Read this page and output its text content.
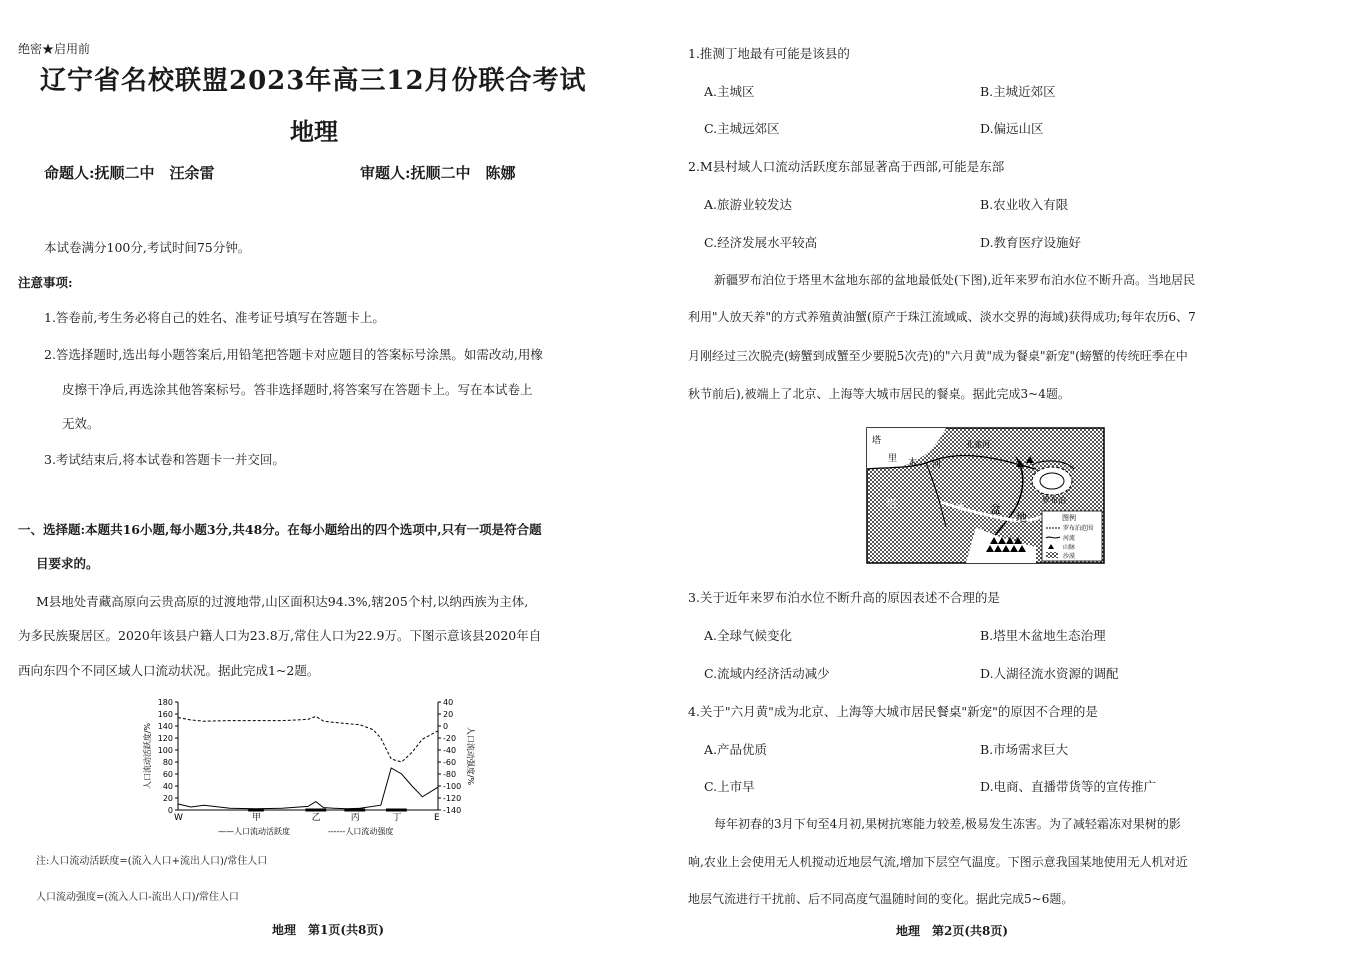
绝密★启用前
辽宁省名校联盟2023年高三12月份联合考试
地理
命题人:抚顺二中　汪余雷	审题人:抚顺二中　陈娜
本试卷满分100分,考试时间75分钟。
注意事项:
1.答卷前,考生务必将自己的姓名、准考证号填写在答题卡上。
2.答选择题时,选出每小题答案后,用铅笔把答题卡对应题目的答案标号涂黑。如需改动,用橡
皮擦干净后,再选涂其他答案标号。答非选择题时,将答案写在答题卡上。写在本试卷上
无效。
3.考试结束后,将本试卷和答题卡一并交回。
一、选择题:本题共16小题,每小题3分,共48分。在每小题给出的四个选项中,只有一项是符合题
目要求的。
M县地处青藏高原向云贵高原的过渡地带,山区面积达94.3%,辖205个村,以纳西族为主体,
为多民族聚居区。2020年该县户籍人口为23.8万,常住人口为22.9万。下图示意该县2020年自
西向东四个不同区域人口流动状况。据此完成1~2题。
180
160
140
120
100
80
60
40
20
0
40
20
0
-20
-40
-60
-80
-100
-120
-140
人口流动活跃度/%	人口流动强度/%
W	甲	乙	丙	丁	E
——人口流动活跃度	------人口流动强度
注:人口流动活跃度=(流入人口+流出人口)/常住人口
人口流动强度=(流入人口-流出人口)/常住人口
地理　第1页(共8页)
1.推测丁地最有可能是该县的
A.主城区	B.主城近郊区
C.主城远郊区	D.偏远山区
2.M县村域人口流动活跃度东部显著高于西部,可能是东部
A.旅游业较发达	B.农业收入有限
C.经济发展水平较高	D.教育医疗设施好
新疆罗布泊位于塔里木盆地东部的盆地最低处(下图),近年来罗布泊水位不断升高。当地居民
利用"人放天养"的方式养殖黄油蟹(原产于珠江流域咸、淡水交界的海域)获得成功;每年农历6、7
月刚经过三次脱壳(螃蟹到成蟹至少要脱5次壳)的"六月黄"成为餐桌"新宠"(螃蟹的传统旺季在中
秋节前后),被端上了北京、上海等大城市居民的餐桌。据此完成3~4题。
塔
里 木 河
孔雀河
罗布泊
塔	木 盆
地	图例
罗布泊范围
河流
山脉
沙漠
3.关于近年来罗布泊水位不断升高的原因表述不合理的是
A.全球气候变化	B.塔里木盆地生态治理
C.流域内经济活动减少	D.人湖径流水资源的调配
4.关于"六月黄"成为北京、上海等大城市居民餐桌"新宠"的原因不合理的是
A.产品优质	B.市场需求巨大
C.上市早	D.电商、直播带货等的宣传推广
每年初春的3月下旬至4月初,果树抗寒能力较差,极易发生冻害。为了减轻霜冻对果树的影
响,农业上会使用无人机搅动近地层气流,增加下层空气温度。下图示意我国某地使用无人机对近
地层气流进行干扰前、后不同高度气温随时间的变化。据此完成5~6题。
地理　第2页(共8页)
